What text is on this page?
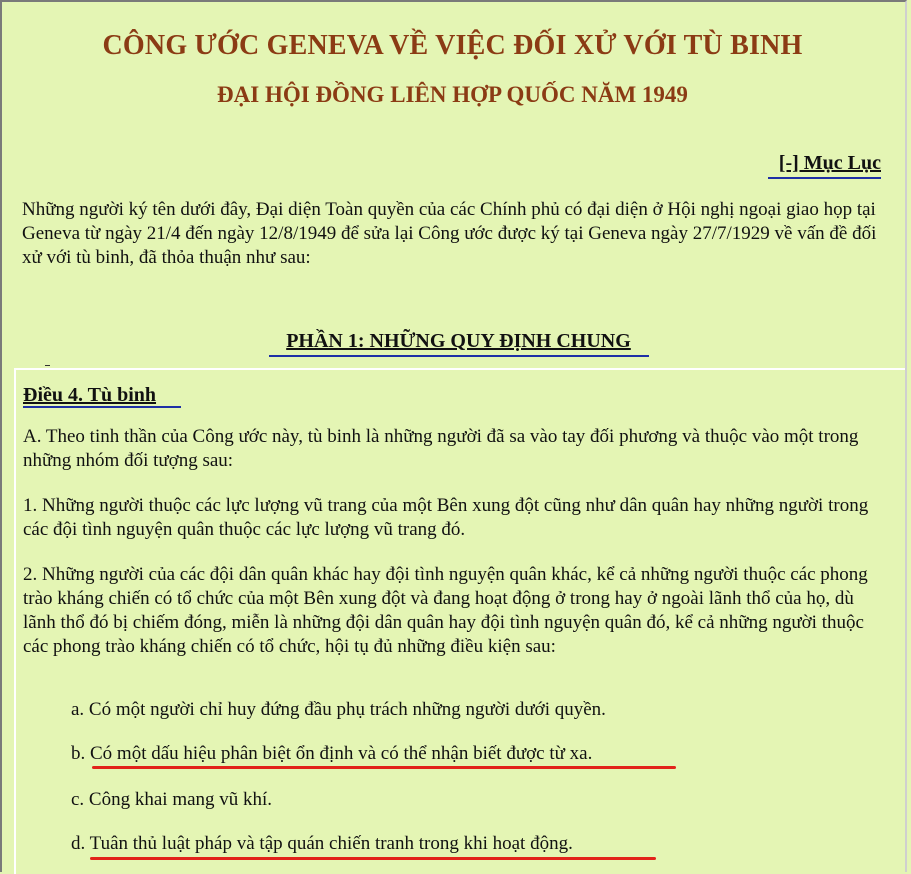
CÔNG ƯỚC GENEVA VỀ VIỆC ĐỐI XỬ VỚI TÙ BINH
ĐẠI HỘI ĐỒNG LIÊN HỢP QUỐC NĂM 1949
[-] Mục Lục

Những người ký tên dưới đây, Đại diện Toàn quyền của các Chính phủ có đại diện ở Hội nghị ngoại giao họp tại Geneva từ ngày 21/4 đến ngày 12/8/1949 để sửa lại Công ước được ký tại Geneva ngày 27/7/1929 về vấn đề đối xử với tù binh, đã thỏa thuận như sau:

PHẦN 1: NHỮNG QUY ĐỊNH CHUNG
Điều 4. Tù binh

A. Theo tinh thần của Công ước này, tù binh là những người đã sa vào tay đối phương và thuộc vào một trong những nhóm đối tượng sau:

1. Những người thuộc các lực lượng vũ trang của một Bên xung đột cũng như dân quân hay những người trong các đội tình nguyện quân thuộc các lực lượng vũ trang đó.

2. Những người của các đội dân quân khác hay đội tình nguyện quân khác, kể cả những người thuộc các phong trào kháng chiến có tổ chức của một Bên xung đột và đang hoạt động ở trong hay ở ngoài lãnh thổ của họ, dù lãnh thổ đó bị chiếm đóng, miễn là những đội dân quân hay đội tình nguyện quân đó, kể cả những người thuộc các phong trào kháng chiến có tổ chức, hội tụ đủ những điều kiện sau:

a. Có một người chỉ huy đứng đầu phụ trách những người dưới quyền.

b. Có một dấu hiệu phân biệt ổn định và có thể nhận biết được từ xa.

c. Công khai mang vũ khí.

d. Tuân thủ luật pháp và tập quán chiến tranh trong khi hoạt động.
